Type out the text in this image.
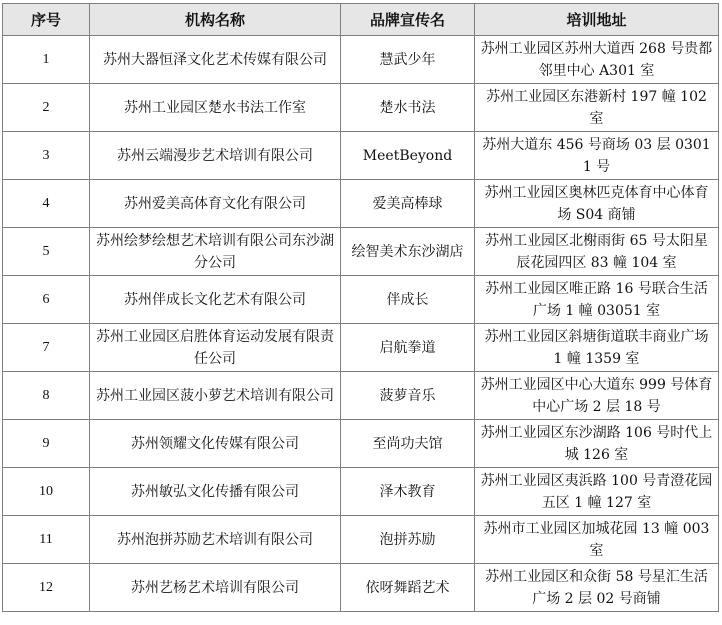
序号	机构名称	品牌宣传名	培训地址
1	苏州大器恒泽文化艺术传媒有限公司	慧武少年	苏州工业园区苏州大道西 268 号贵都邻里中心 A301 室
2	苏州工业园区楚水书法工作室	楚水书法	苏州工业园区东港新村 197 幢 102 室
3	苏州云端漫步艺术培训有限公司	MeetBeyond	苏州大道东 456 号商场 03 层 03011 号
4	苏州爱美高体育文化有限公司	爱美高棒球	苏州工业园区奥林匹克体育中心体育场 S04 商铺
5	苏州绘梦绘想艺术培训有限公司东沙湖分公司	绘智美术东沙湖店	苏州工业园区北榭雨街 65 号太阳星辰花园四区 83 幢 104 室
6	苏州伴成长文化艺术有限公司	伴成长	苏州工业园区唯正路 16 号联合生活广场 1 幢 03051 室
7	苏州工业园区启胜体育运动发展有限责任公司	启航拳道	苏州工业园区斜塘街道联丰商业广场 1 幢 1359 室
8	苏州工业园区菠小萝艺术培训有限公司	菠萝音乐	苏州工业园区中心大道东 999 号体育中心广场 2 层 18 号
9	苏州领耀文化传媒有限公司	至尚功夫馆	苏州工业园区东沙湖路 106 号时代上城 126 室
10	苏州敏弘文化传播有限公司	泽木教育	苏州工业园区夷浜路 100 号青澄花园五区 1 幢 127 室
11	苏州泡拼苏励艺术培训有限公司	泡拼苏励	苏州市工业园区加城花园 13 幢 003 室
12	苏州艺杨艺术培训有限公司	依呀舞蹈艺术	苏州工业园区和众街 58 号星汇生活广场 2 层 02 号商铺
